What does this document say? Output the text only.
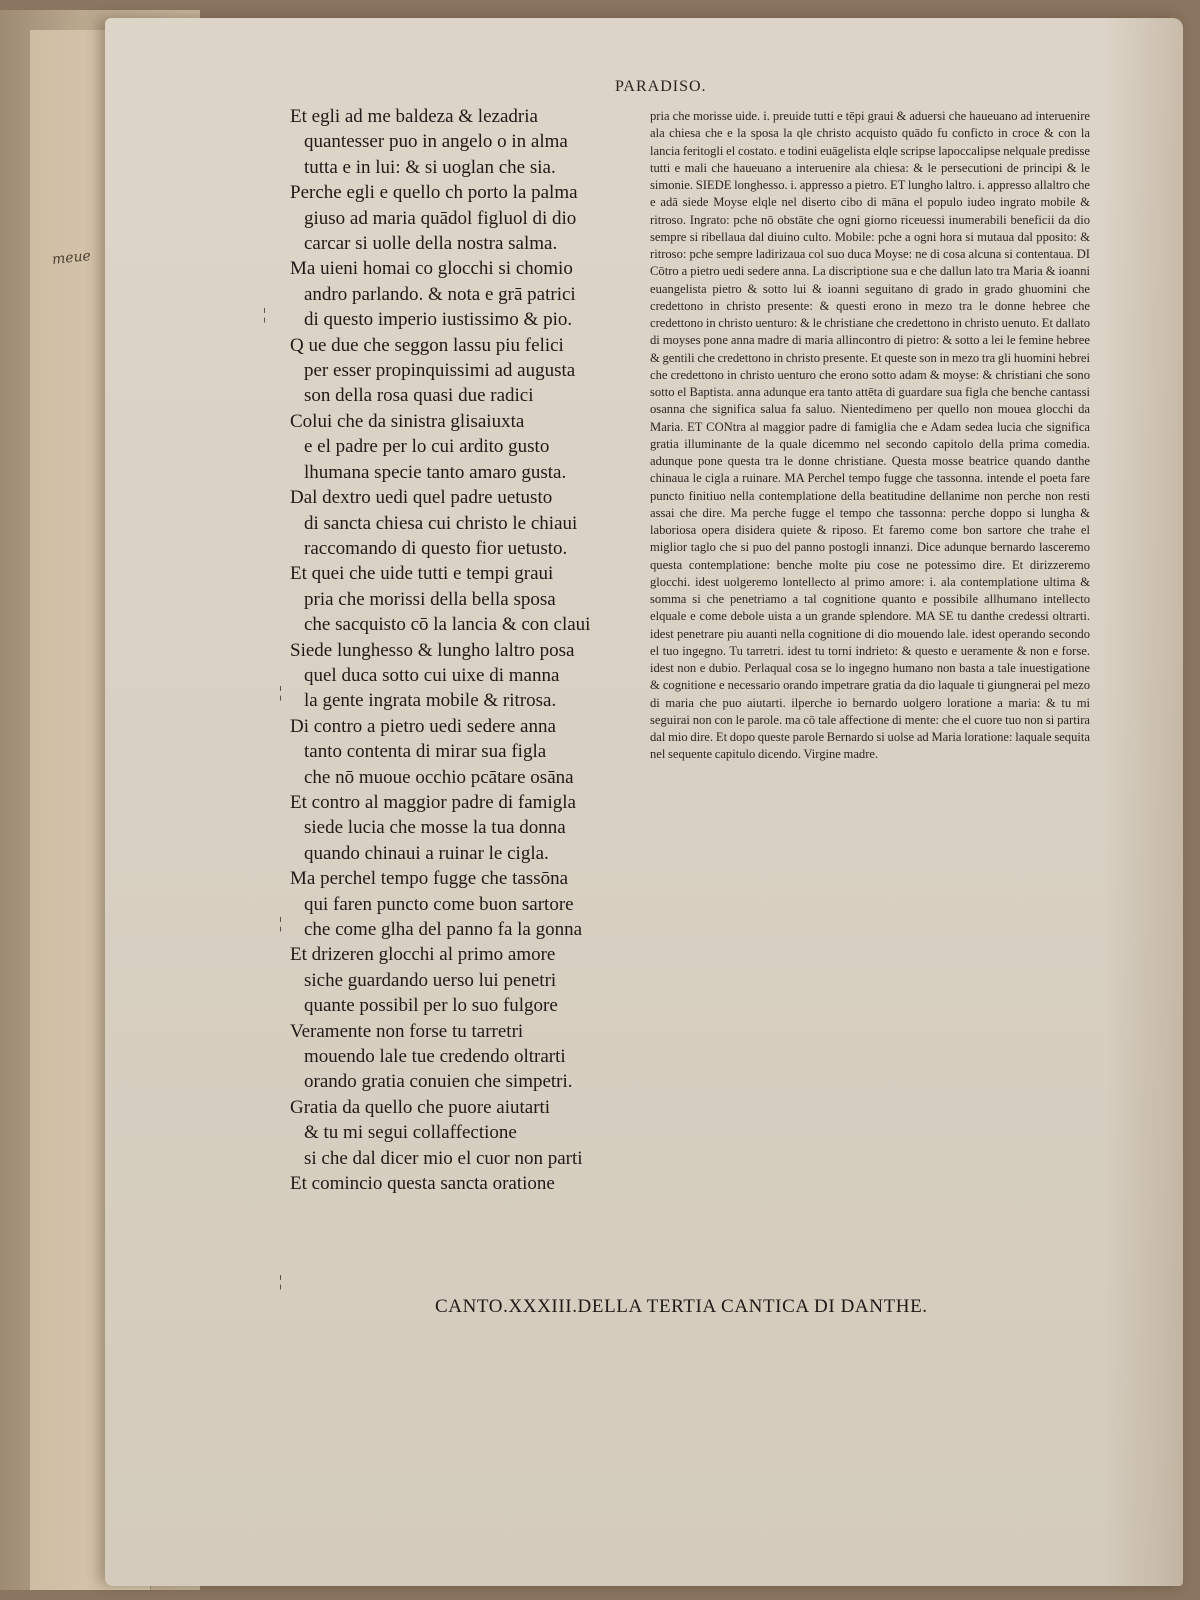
meue
PARADISO.
Et egli ad me baldeza & lezadria
quantesser puo in angelo o in alma
tutta e in lui: & si uoglan che sia.
Perche egli e quello ch porto la palma
giuso ad maria quādol figluol di dio
carcar si uolle della nostra salma.
Ma uieni homai co glocchi si chomio
andro parlando. & nota e grā patrici
di questo imperio iustissimo & pio.
Q ue due che seggon lassu piu felici
per esser propinquissimi ad augusta
son della rosa quasi due radici
Colui che da sinistra glisaiuxta
e el padre per lo cui ardito gusto
lhumana specie tanto amaro gusta.
Dal dextro uedi quel padre uetusto
di sancta chiesa cui christo le chiaui
raccomando di questo fior uetusto.
Et quei che uide tutti e tempi graui
pria che morissi della bella sposa
che sacquisto cō la lancia & con claui
Siede lunghesso & lungho laltro posa
quel duca sotto cui uixe di manna
la gente ingrata mobile & ritrosa.
Di contro a pietro uedi sedere anna
tanto contenta di mirar sua figla
che nō muoue occhio pcātare osāna
Et contro al maggior padre di famigla
siede lucia che mosse la tua donna
quando chinaui a ruinar le cigla.
Ma perchel tempo fugge che tassōna
qui faren puncto come buon sartore
che come glha del panno fa la gonna
Et drizeren glocchi al primo amore
siche guardando uerso lui penetri
quante possibil per lo suo fulgore
Veramente non forse tu tarretri
mouendo lale tue credendo oltrarti
orando gratia conuien che simpetri.
Gratia da quello che puore aiutarti
& tu mi segui collaffectione
si che dal dicer mio el cuor non parti
Et comincio questa sancta oratione
pria che morisse uide. i. preuide tutti e tēpi graui & aduersi che haueuano ad interuenire ala chiesa che e la sposa la qle christo acquisto quādo fu conficto in croce & con la lancia feritogli el costato. e todini euāgelista elqle scripse lapoccalipse nelquale predisse tutti e mali che haueuano a interuenire ala chiesa: & le persecutioni de principi & le simonie. SIEDE longhesso. i. appresso a pietro. ET lungho laltro. i. appresso allaltro che e adā siede Moyse elqle nel diserto cibo di māna el populo iudeo ingrato mobile & ritroso. Ingrato: pche nō obstāte che ogni giorno riceuessi inumerabili beneficii da dio sempre si ribellaua dal diuino culto. Mobile: pche a ogni hora si mutaua dal pposito: & ritroso: pche sempre ladirizaua col suo duca Moyse: ne di cosa alcuna si contentaua. DI Cōtro a pietro uedi sedere anna. La discriptione sua e che dallun lato tra Maria & ioanni euangelista pietro & sotto lui & ioanni seguitano di grado in grado ghuomini che credettono in christo presente: & questi erono in mezo tra le donne hebree che credettono in christo uenturo: & le christiane che credettono in christo uenuto. Et dallato di moyses pone anna madre di maria allincontro di pietro: & sotto a lei le femine hebree & gentili che credettono in christo presente. Et queste son in mezo tra gli huomini hebrei che credettono in christo uenturo che erono sotto adam & moyse: & christiani che sono sotto el Baptista. anna adunque era tanto attēta di guardare sua figla che benche cantassi osanna che significa salua fa saluo. Nientedimeno per quello non mouea glocchi da Maria. ET CONtra al maggior padre di famiglia che e Adam sedea lucia che significa gratia illuminante de la quale dicemmo nel secondo capitolo della prima comedia. adunque pone questa tra le donne christiane. Questa mosse beatrice quando danthe chinaua le cigla a ruinare. MA Perchel tempo fugge che tassonna. intende el poeta fare puncto finitiuo nella contemplatione della beatitudine dellanime non perche non resti assai che dire. Ma perche fugge el tempo che tassonna: perche doppo si lungha & laboriosa opera disidera quiete & riposo. Et faremo come bon sartore che trahe el miglior taglo che si puo del panno postogli innanzi. Dice adunque bernardo lasceremo questa contemplatione: benche molte piu cose ne potessimo dire. Et dirizzeremo glocchi. idest uolgeremo lontellecto al primo amore: i. ala contemplatione ultima & somma si che penetriamo a tal cognitione quanto e possibile allhumano intellecto elquale e come debole uista a un grande splendore. MA SE tu danthe credessi oltrarti. idest penetrare piu auanti nella cognitione di dio mouendo lale. idest operando secondo el tuo ingegno. Tu tarretri. idest tu torni indrieto: & questo e ueramente & non e forse. idest non e dubio. Perlaqual cosa se lo ingegno humano non basta a tale inuestigatione & cognitione e necessario orando impetrare gratia da dio laquale ti giungnerai pel mezo di maria che puo aiutarti. ilperche io bernardo uolgero loratione a maria: & tu mi seguirai non con le parole. ma cō tale affectione di mente: che el cuore tuo non si partira dal mio dire. Et dopo queste parole Bernardo si uolse ad Maria loratione: laquale sequita nel sequente capitulo dicendo. Virgine madre.
¦
¦
¦
¦
CANTO.XXXIII.DELLA TERTIA CANTICA DI DANTHE.
